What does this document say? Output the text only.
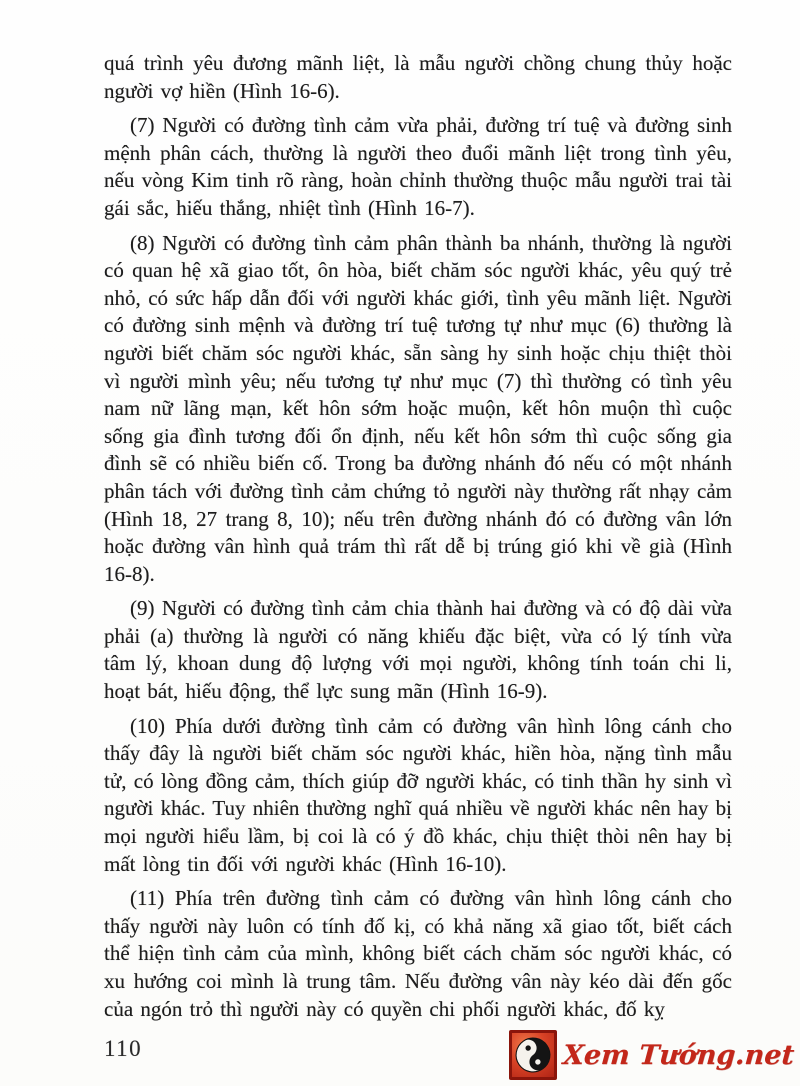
quá trình yêu đương mãnh liệt, là mẫu người chồng chung thủy hoặc người vợ hiền (Hình 16-6).

(7) Người có đường tình cảm vừa phải, đường trí tuệ và đường sinh mệnh phân cách, thường là người theo đuổi mãnh liệt trong tình yêu, nếu vòng Kim tinh rõ ràng, hoàn chỉnh thường thuộc mẫu người trai tài gái sắc, hiếu thắng, nhiệt tình (Hình 16-7).

(8) Người có đường tình cảm phân thành ba nhánh, thường là người có quan hệ xã giao tốt, ôn hòa, biết chăm sóc người khác, yêu quý trẻ nhỏ, có sức hấp dẫn đối với người khác giới, tình yêu mãnh liệt. Người có đường sinh mệnh và đường trí tuệ tương tự như mục (6) thường là người biết chăm sóc người khác, sẵn sàng hy sinh hoặc chịu thiệt thòi vì người mình yêu; nếu tương tự như mục (7) thì thường có tình yêu nam nữ lãng mạn, kết hôn sớm hoặc muộn, kết hôn muộn thì cuộc sống gia đình tương đối ổn định, nếu kết hôn sớm thì cuộc sống gia đình sẽ có nhiều biến cố. Trong ba đường nhánh đó nếu có một nhánh phân tách với đường tình cảm chứng tỏ người này thường rất nhạy cảm (Hình 18, 27 trang 8, 10); nếu trên đường nhánh đó có đường vân lớn hoặc đường vân hình quả trám thì rất dễ bị trúng gió khi về già (Hình 16-8).

(9) Người có đường tình cảm chia thành hai đường và có độ dài vừa phải (a) thường là người có năng khiếu đặc biệt, vừa có lý tính vừa tâm lý, khoan dung độ lượng với mọi người, không tính toán chi li, hoạt bát, hiếu động, thể lực sung mãn (Hình 16-9).

(10) Phía dưới đường tình cảm có đường vân hình lông cánh cho thấy đây là người biết chăm sóc người khác, hiền hòa, nặng tình mẫu tử, có lòng đồng cảm, thích giúp đỡ người khác, có tinh thần hy sinh vì người khác. Tuy nhiên thường nghĩ quá nhiều về người khác nên hay bị mọi người hiểu lầm, bị coi là có ý đồ khác, chịu thiệt thòi nên hay bị mất lòng tin đối với người khác (Hình 16-10).

(11) Phía trên đường tình cảm có đường vân hình lông cánh cho thấy người này luôn có tính đố kị, có khả năng xã giao tốt, biết cách thể hiện tình cảm của mình, không biết cách chăm sóc người khác, có xu hướng coi mình là trung tâm. Nếu đường vân này kéo dài đến gốc của ngón trỏ thì người này có quyền chi phối người khác, đố kỵ

110	Xem Tướng.net
